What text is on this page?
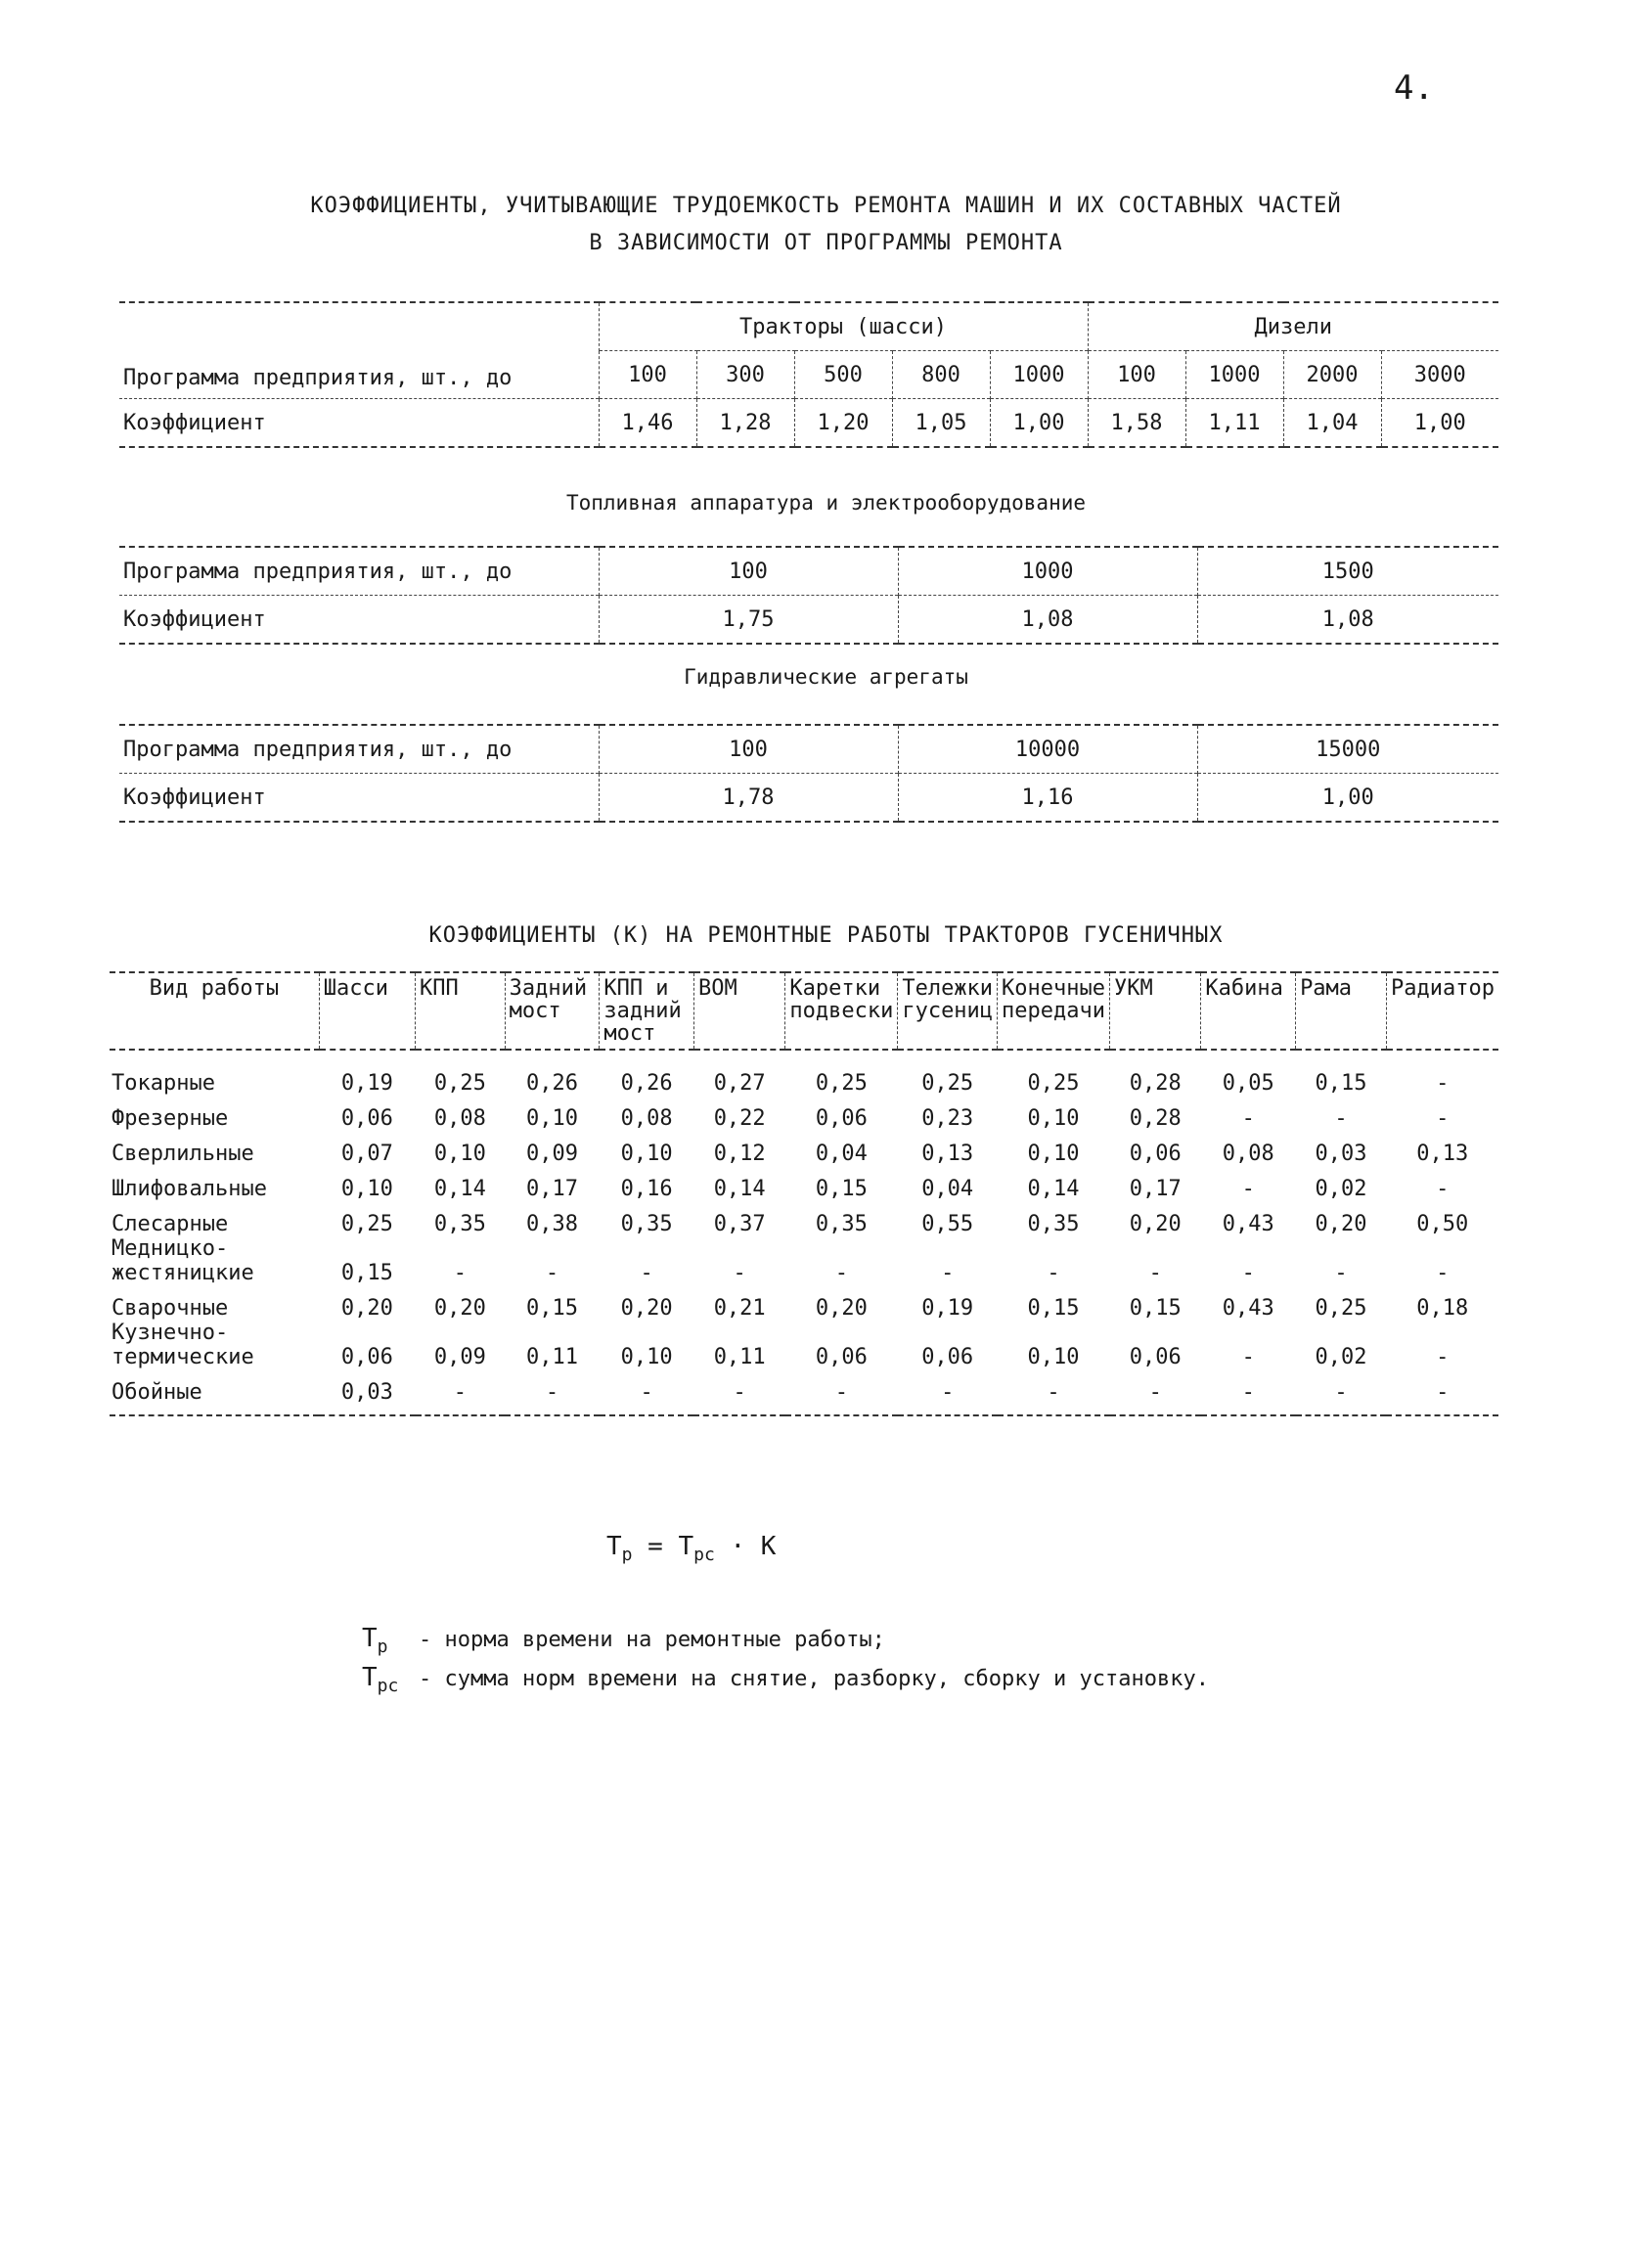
4.
КОЭФФИЦИЕНТЫ, УЧИТЫВАЮЩИЕ ТРУДОЕМКОСТЬ РЕМОНТА МАШИН И ИХ СОСТАВНЫХ ЧАСТЕЙ
В ЗАВИСИМОСТИ ОТ ПРОГРАММЫ РЕМОНТА
Программа предприятия, шт., до	Тракторы (шасси)					Дизели			
	100	300	500	800	1000	100	1000	2000	3000
Коэффициент	1,46	1,28	1,20	1,05	1,00	1,58	1,11	1,04	1,00
Топливная аппаратура и электрооборудование
Программа предприятия, шт., до	100	1000	1500
Коэффициент	1,75	1,08	1,08
Гидравлические агрегаты
Программа предприятия, шт., до	100	10000	15000
Коэффициент	1,78	1,16	1,00
КОЭФФИЦИЕНТЫ (К) НА РЕМОНТНЫЕ РАБОТЫ ТРАКТОРОВ ГУСЕНИЧНЫХ
Вид работы	Шасси	КПП	Задний мост	КПП и задний мост	ВОМ	Каретки подвески	Тележки гусениц	Конечные передачи	УКМ	Кабина	Рама	Радиатор
Токарные	0,19	0,25	0,26	0,26	0,27	0,25	0,25	0,25	0,28	0,05	0,15	-
Фрезерные	0,06	0,08	0,10	0,08	0,22	0,06	0,23	0,10	0,28	-	-	-
Сверлильные	0,07	0,10	0,09	0,10	0,12	0,04	0,13	0,10	0,06	0,08	0,03	0,13
Шлифовальные	0,10	0,14	0,17	0,16	0,14	0,15	0,04	0,14	0,17	-	0,02	-
Слесарные	0,25	0,35	0,38	0,35	0,37	0,35	0,55	0,35	0,20	0,43	0,20	0,50
Медницко-жестяницкие	0,15	-	-	-	-	-	-	-	-	-	-	-
Сварочные	0,20	0,20	0,15	0,20	0,21	0,20	0,19	0,15	0,15	0,43	0,25	0,18
Кузнечно-термические	0,06	0,09	0,11	0,10	0,11	0,06	0,06	0,10	0,06	-	0,02	-
Обойные	0,03	-	-	-	-	-	-	-	-	-	-	-
$T_р = T_{рс} \cdot К$
$T_р$ - норма времени на ремонтные работы;
$T_{рс}$ - сумма норм времени на снятие, разборку, сборку и установку.
